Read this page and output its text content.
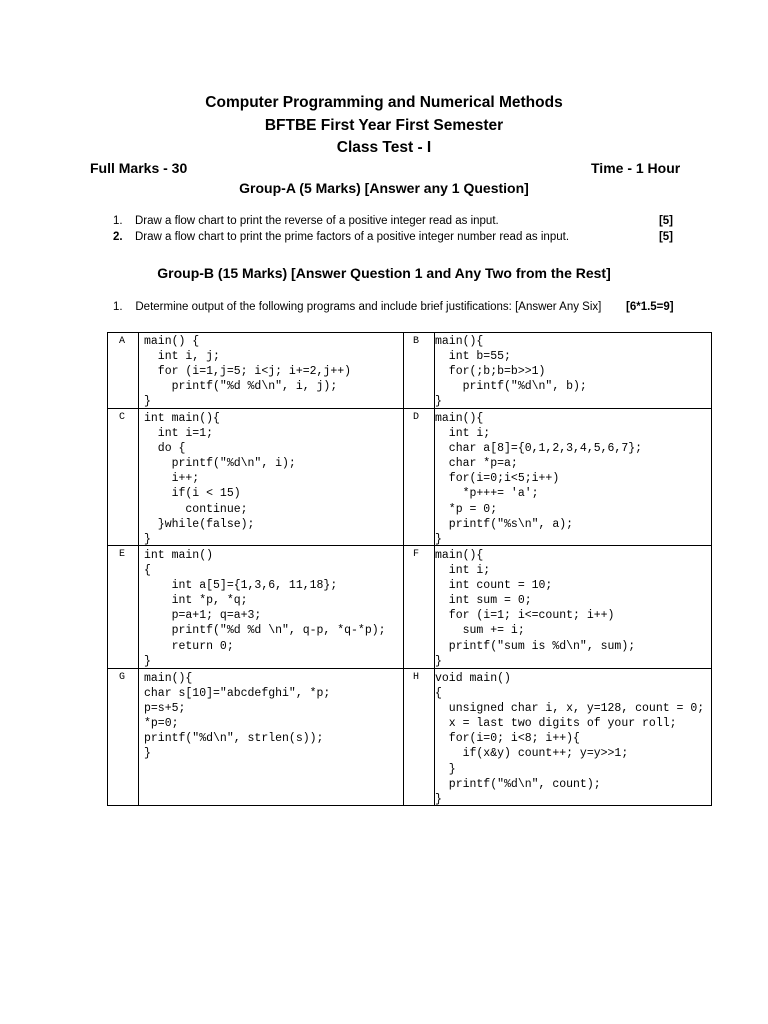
Computer Programming and Numerical Methods
BFTBE First Year First Semester
Class Test - I
Full Marks - 30	Time - 1 Hour
Group-A (5 Marks) [Answer any 1 Question]
1. Draw a flow chart to print the reverse of a positive integer read as input.	[5]
2. Draw a flow chart to print the prime factors of a positive integer number read as input.	[5]
Group-B (15 Marks) [Answer Question 1 and Any Two from the Rest]
1.    Determine output of the following programs and include brief justifications: [Answer Any Six] [6*1.5=9]
A main() {
int i, j;
for (i=1,j=5; i<j; i+=2,j++)
printf("%d %d\n", i, j);
}
B main(){
int b=55;
for(;b;b=b>>1)
printf("%d\n", b);
}
C int main(){
int i=1;
do {
printf("%d\n", i);
i++;
if(i < 15)
continue;
}while(false);
}
D main(){
int i;
char a[8]={0,1,2,3,4,5,6,7};
char *p=a;
for(i=0;i<5;i++)
*p+++= 'a';
*p = 0;
printf("%s\n", a);
}
E int main()
{
int a[5]={1,3,6, 11,18};
int *p, *q;
p=a+1; q=a+3;
printf("%d %d \n", q-p, *q-*p);
return 0;
}
F main(){
int i;
int count = 10;
int sum = 0;
for (i=1; i<=count; i++)
sum += i;
printf("sum is %d\n", sum);
}
G main(){
char s[10]="abcdefghi", *p;
p=s+5;
*p=0;
printf("%d\n", strlen(s));
}
H void main()
{
unsigned char i, x, y=128, count = 0;
x = last two digits of your roll;
for(i=0; i<8; i++){
if(x&y) count++; y=y>>1;
}
printf("%d\n", count);
}
